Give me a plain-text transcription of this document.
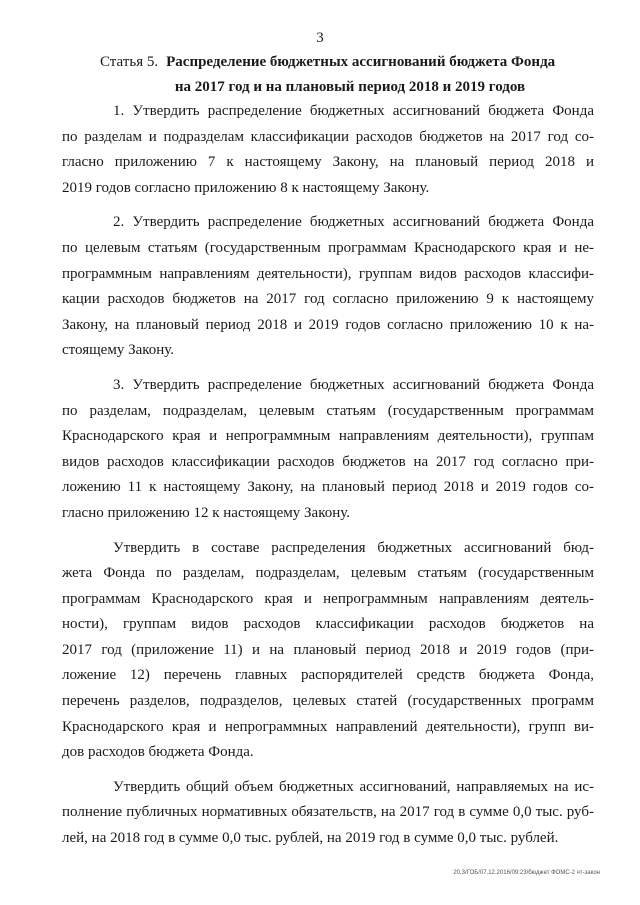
3
Статья 5. Распределение бюджетных ассигнований бюджета Фонда
на 2017 год и на плановый период 2018 и 2019 годов

1. Утвердить распределение бюджетных ассигнований бюджета Фонда
по разделам и подразделам классификации расходов бюджетов на 2017 год со-
гласно приложению 7 к настоящему Закону, на плановый период 2018 и
2019 годов согласно приложению 8 к настоящему Закону.

2. Утвердить распределение бюджетных ассигнований бюджета Фонда
по целевым статьям (государственным программам Краснодарского края и не-
программным направлениям деятельности), группам видов расходов классифи-
кации расходов бюджетов на 2017 год согласно приложению 9 к настоящему
Закону, на плановый период 2018 и 2019 годов согласно приложению 10 к на-
стоящему Закону.

3. Утвердить распределение бюджетных ассигнований бюджета Фонда
по разделам, подразделам, целевым статьям (государственным программам
Краснодарского края и непрограммным направлениям деятельности), группам
видов расходов классификации расходов бюджетов на 2017 год согласно при-
ложению 11 к настоящему Закону, на плановый период 2018 и 2019 годов со-
гласно приложению 12 к настоящему Закону.

Утвердить в составе распределения бюджетных ассигнований бюд-
жета Фонда по разделам, подразделам, целевым статьям (государственным
программам Краснодарского края и непрограммным направлениям деятель-
ности), группам видов расходов классификации расходов бюджетов на
2017 год (приложение 11) и на плановый период 2018 и 2019 годов (при-
ложение 12) перечень главных распорядителей средств бюджета Фонда,
перечень разделов, подразделов, целевых статей (государственных программ
Краснодарского края и непрограммных направлений деятельности), групп ви-
дов расходов бюджета Фонда.

Утвердить общий объем бюджетных ассигнований, направляемых на ис-
полнение публичных нормативных обязательств, на 2017 год в сумме 0,0 тыс. руб-
лей, на 2018 год в сумме 0,0 тыс. рублей, на 2019 год в сумме 0,0 тыс. рублей.

20.3/ГОБ/07.12.2016/09:23/бюджет ФОМС-2 чт-закон
